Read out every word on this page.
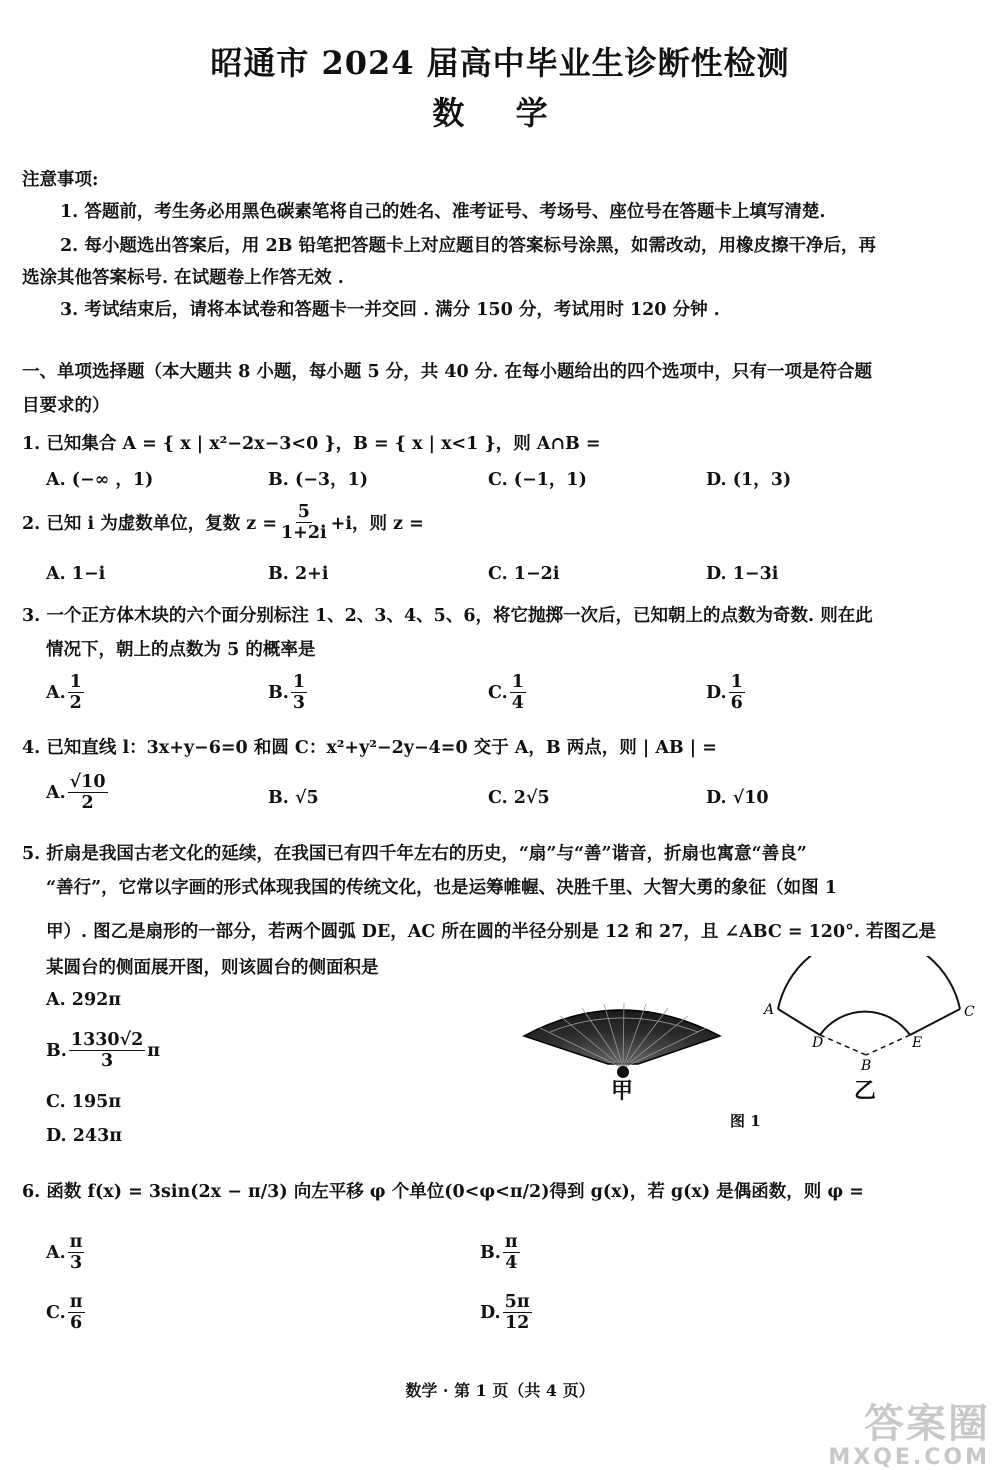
昭通市 2024 届高中毕业生诊断性检测
数 学
注意事项:
1. 答题前，考生务必用黑色碳素笔将自己的姓名、准考证号、考场号、座位号在答题卡上填写清楚.
2. 每小题选出答案后，用 2B 铅笔把答题卡上对应题目的答案标号涂黑，如需改动，用橡皮擦干净后，再
选涂其他答案标号. 在试题卷上作答无效 .
3. 考试结束后，请将本试卷和答题卡一并交回 . 满分 150 分，考试用时 120 分钟 .
一、单项选择题（本大题共 8 小题，每小题 5 分，共 40 分. 在每小题给出的四个选项中，只有一项是符合题
目要求的）
1. 已知集合 A = { x | x²−2x−3<0 }，B = { x | x<1 }，则 A∩B =
A. (−∞ ，1)	B. (−3，1)	C. (−1，1)	D. (1，3)
2. 已知 i 为虚数单位，复数 $z = \frac{5}{1+2i} +i$，则 z =
A. 1−i	B. 2+i	C. 1−2i	D. 1−3i
3. 一个正方体木块的六个面分别标注 1、2、3、4、5、6，将它抛掷一次后，已知朝上的点数为奇数. 则在此
情况下，朝上的点数为 5 的概率是
A. $\frac{1}{2}$	B. $\frac{1}{3}$	C. $\frac{1}{4}$	D. $\frac{1}{6}$
4. 已知直线 l：3x+y−6=0 和圆 C：x²+y²−2y−4=0 交于 A，B 两点，则 | AB | =
A. $\frac{√10}{2}$	B. √5	C. 2√5	D. √10
5. 折扇是我国古老文化的延续，在我国已有四千年左右的历史，“扇”与“善”谐音，折扇也寓意“善良”
“善行”，它常以字画的形式体现我国的传统文化，也是运筹帷幄、决胜千里、大智大勇的象征（如图 1
甲）. 图乙是扇形的一部分，若两个圆弧 DE，AC 所在圆的半径分别是 12 和 27，且 ∠ABC = 120°. 若图乙是
某圆台的侧面展开图，则该圆台的侧面积是
A. 292π
B. $\frac{1330√2}{3}$ π
C. 195π
D. 243π
甲
A	C
D	E
B
乙
图 1
6. 函数 f(x) = 3sin(2x − π/3) 向左平移 φ 个单位(0<φ<π/2)得到 g(x)，若 g(x) 是偶函数，则 φ =
A. $\frac{\pi}{3}$	B. $\frac{\pi}{4}$
C. $\frac{\pi}{6}$	D. $\frac{5\pi}{12}$
数学 · 第 1 页（共 4 页）
答案圈
MXQE.COM
